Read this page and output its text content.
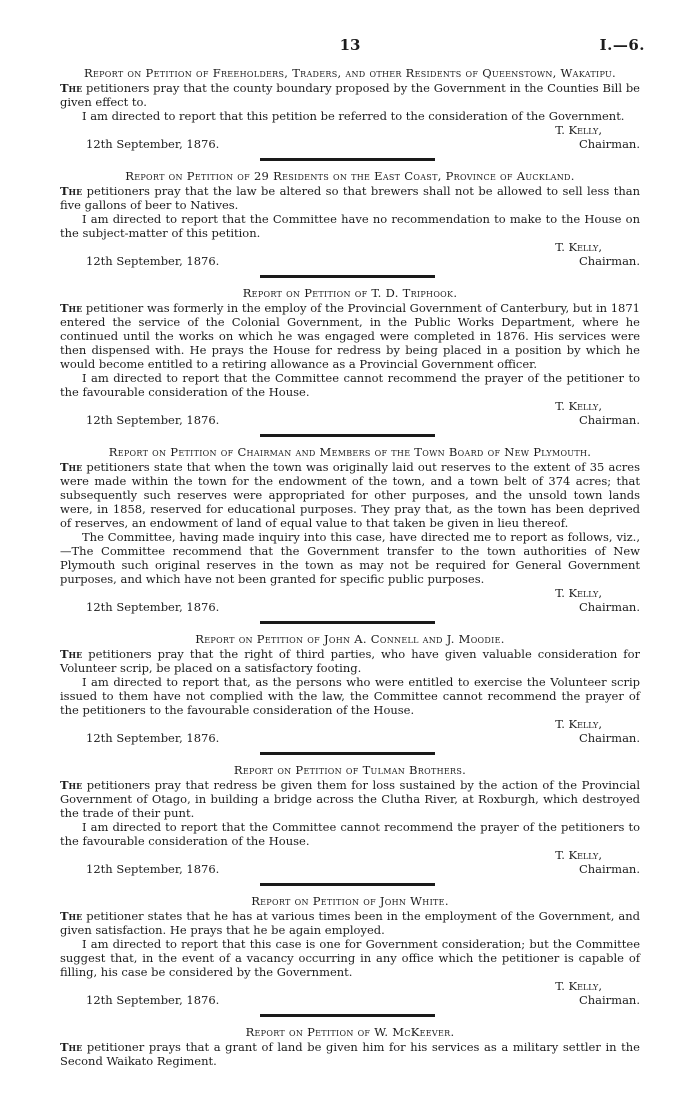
13	I.—6.
Report on Petition of Freeholders, Traders, and other Residents of Queenstown, Wakatipu.

The petitioners pray that the county boundary proposed by the Government in the Counties Bill be given effect to.

I am directed to report that this petition be referred to the consideration of the Government.

T. Kelly,
12th September, 1876.	Chairman.
Report on Petition of 29 Residents on the East Coast, Province of Auckland.

The petitioners pray that the law be altered so that brewers shall not be allowed to sell less than five gallons of beer to Natives.

I am directed to report that the Committee have no recommendation to make to the House on the subject-matter of this petition.

T. Kelly,
12th September, 1876.	Chairman.
Report on Petition of T. D. Triphook.

The petitioner was formerly in the employ of the Provincial Government of Canterbury, but in 1871 entered the service of the Colonial Government, in the Public Works Department, where he continued until the works on which he was engaged were completed in 1876. His services were then dispensed with. He prays the House for redress by being placed in a position by which he would become entitled to a retiring allowance as a Provincial Government officer.

I am directed to report that the Committee cannot recommend the prayer of the petitioner to the favourable consideration of the House.

T. Kelly,
12th September, 1876.	Chairman.
Report on Petition of Chairman and Members of the Town Board of New Plymouth.

The petitioners state that when the town was originally laid out reserves to the extent of 35 acres were made within the town for the endowment of the town, and a town belt of 374 acres; that subsequently such reserves were appropriated for other purposes, and the unsold town lands were, in 1858, reserved for educational purposes. They pray that, as the town has been deprived of reserves, an endowment of land of equal value to that taken be given in lieu thereof.

The Committee, having made inquiry into this case, have directed me to report as follows, viz.,—The Committee recommend that the Government transfer to the town authorities of New Plymouth such original reserves in the town as may not be required for General Government purposes, and which have not been granted for specific public purposes.

T. Kelly,
12th September, 1876.	Chairman.
Report on Petition of John A. Connell and J. Moodie.

The petitioners pray that the right of third parties, who have given valuable consideration for Volunteer scrip, be placed on a satisfactory footing.

I am directed to report that, as the persons who were entitled to exercise the Volunteer scrip issued to them have not complied with the law, the Committee cannot recommend the prayer of the petitioners to the favourable consideration of the House.

T. Kelly,
12th September, 1876.	Chairman.
Report on Petition of Tulman Brothers.

The petitioners pray that redress be given them for loss sustained by the action of the Provincial Government of Otago, in building a bridge across the Clutha River, at Roxburgh, which destroyed the trade of their punt.

I am directed to report that the Committee cannot recommend the prayer of the petitioners to the favourable consideration of the House.

T. Kelly,
12th September, 1876.	Chairman.
Report on Petition of John White.

The petitioner states that he has at various times been in the employment of the Government, and given satisfaction. He prays that he be again employed.

I am directed to report that this case is one for Government consideration; but the Committee suggest that, in the event of a vacancy occurring in any office which the petitioner is capable of filling, his case be considered by the Government.

T. Kelly,
12th September, 1876.	Chairman.
Report on Petition of W. McKeever.

The petitioner prays that a grant of land be given him for his services as a military settler in the Second Waikato Regiment.
